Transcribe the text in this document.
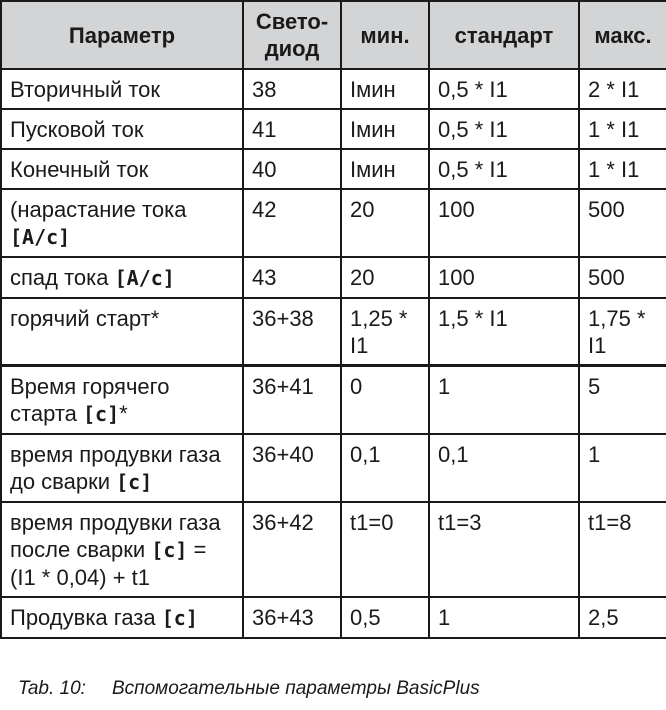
Параметр	Свето-диод	мин.	стандарт	макс.
Вторичный ток	38	Iмин	0,5 * I1	2 * I1
Пусковой ток	41	Iмин	0,5 * I1	1 * I1
Конечный ток	40	Iмин	0,5 * I1	1 * I1
(нарастание тока [A/c]	42	20	100	500
спад тока [A/c]	43	20	100	500
горячий старт*	36+38	1,25 * I1	1,5 * I1	1,75 * I1
Время горячего старта [c]*	36+41	0	1	5
время продувки газа до сварки [c]	36+40	0,1	0,1	1
время продувки газа после сварки [c] = (I1 * 0,04) + t1	36+42	t1=0	t1=3	t1=8
Продувка газа [c]	36+43	0,5	1	2,5
Tab. 10: Вспомогательные параметры BasicPlus
